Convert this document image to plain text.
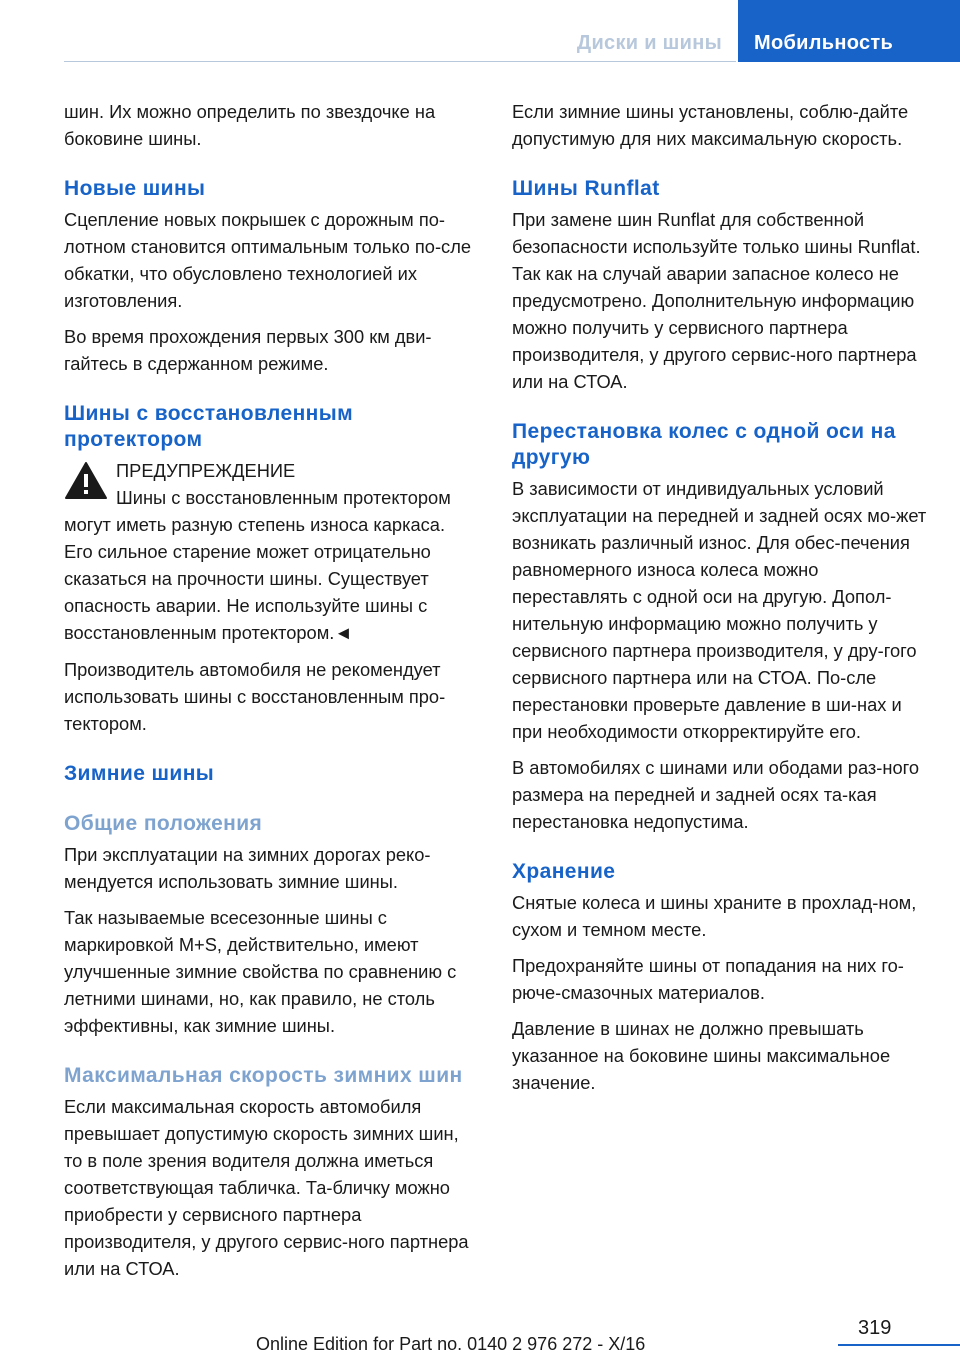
Диски и шины	Мобильность

шин. Их можно определить по звездочке на боковине шины.

Новые шины

Сцепление новых покрышек с дорожным по-лотном становится оптимальным только по-сле обкатки, что обусловлено технологией их изготовления.

Во время прохождения первых 300 км дви-гайтесь в сдержанном режиме.

Шины с восстановленным протектором
ПРЕДУПРЕЖДЕНИЕ
Шины с восстановленным протектором

могут иметь разную степень износа каркаса. Его сильное старение может отрицательно сказаться на прочности шины. Существует опасность аварии. Не используйте шины с восстановленным протектором.◄

Производитель автомобиля не рекомендует использовать шины с восстановленным про-тектором.

Зимние шины
Общие положения

При эксплуатации на зимних дорогах реко-мендуется использовать зимние шины.

Так называемые всесезонные шины с маркировкой M+S, действительно, имеют улучшенные зимние свойства по сравнению с летними шинами, но, как правило, не столь эффективны, как зимние шины.

Максимальная скорость зимних шин

Если максимальная скорость автомобиля превышает допустимую скорость зимних шин, то в поле зрения водителя должна иметься соответствующая табличка. Та-бличку можно приобрести у сервисного партнера производителя, у другого сервис-ного партнера или на СТОА.

Если зимние шины установлены, соблю-дайте допустимую для них максимальную скорость.

Шины Runflat

При замене шин Runflat для собственной безопасности используйте только шины Runflat. Так как на случай аварии запасное колесо не предусмотрено. Дополнительную информацию можно получить у сервисного партнера производителя, у другого сервис-ного партнера или на СТОА.

Перестановка колес с одной оси на другую

В зависимости от индивидуальных условий эксплуатации на передней и задней осях мо-жет возникать различный износ. Для обес-печения равномерного износа колеса можно переставлять с одной оси на другую. Допол-нительную информацию можно получить у сервисного партнера производителя, у дру-гого сервисного партнера или на СТОА. По-сле перестановки проверьте давление в ши-нах и при необходимости откорректируйте его.

В автомобилях с шинами или ободами раз-ного размера на передней и задней осях та-кая перестановка недопустима.

Хранение

Снятые колеса и шины храните в прохлад-ном, сухом и темном месте.

Предохраняйте шины от попадания на них го-рюче-смазочных материалов.

Давление в шинах не должно превышать указанное на боковине шины максимальное значение.

319
Online Edition for Part no. 0140 2 976 272 - X/16
